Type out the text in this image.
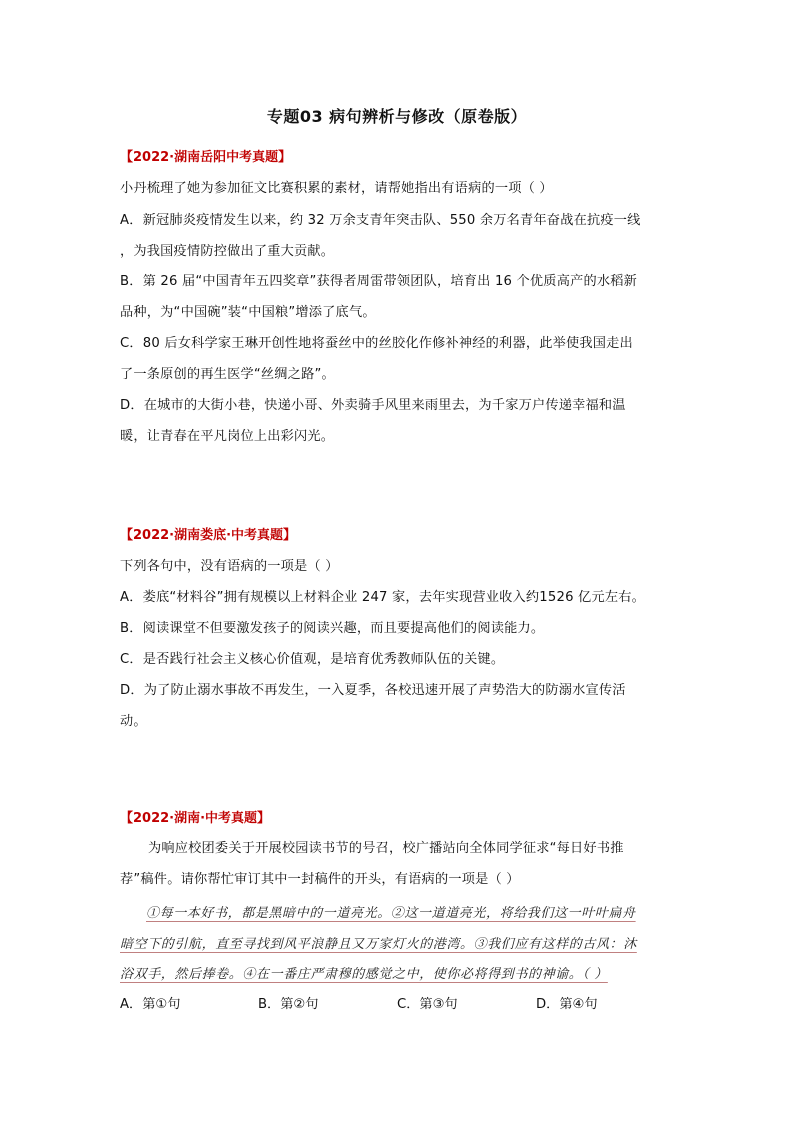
专题03 病句辨析与修改（原卷版）
【2022·湖南岳阳中考真题】
小丹梳理了她为参加征文比赛积累的素材，请帮她指出有语病的一项（ ）
A．新冠肺炎疫情发生以来，约 32 万余支青年突击队、550 余万名青年奋战在抗疫一线
，为我国疫情防控做出了重大贡献。
B．第 26 届“中国青年五四奖章”获得者周雷带领团队，培育出 16 个优质高产的水稻新
品种，为“中国碗”装“中国粮”增添了底气。
C．80 后女科学家王琳开创性地将蚕丝中的丝胶化作修补神经的利器，此举使我国走出
了一条原创的再生医学“丝绸之路”。
D．在城市的大街小巷，快递小哥、外卖骑手风里来雨里去，为千家万户传递幸福和温
暖，让青春在平凡岗位上出彩闪光。
【2022·湖南娄底·中考真题】
下列各句中，没有语病的一项是（ ）
A．娄底“材料谷”拥有规模以上材料企业 247 家，去年实现营业收入约1526 亿元左右。
B．阅读课堂不但要激发孩子的阅读兴趣，而且要提高他们的阅读能力。
C．是否践行社会主义核心价值观，是培育优秀教师队伍的关键。
D．为了防止溺水事故不再发生，一入夏季，各校迅速开展了声势浩大的防溺水宣传活
动。
【2022·湖南·中考真题】
为响应校团委关于开展校园读书节的号召，校广播站向全体同学征求“每日好书推
荐”稿件。请你帮忙审订其中一封稿件的开头，有语病的一项是（ ）
①每一本好书，都是黑暗中的一道亮光。②这一道道亮光，将给我们这一叶叶扁舟
暗空下的引航，直至寻找到风平浪静且又万家灯火的港湾。③我们应有这样的古风：沐
浴双手，然后捧卷。④在一番庄严肃穆的感觉之中，使你必将得到书的神谕。（ ）
A．第①句	B．第②句	C．第③句	D．第④句
